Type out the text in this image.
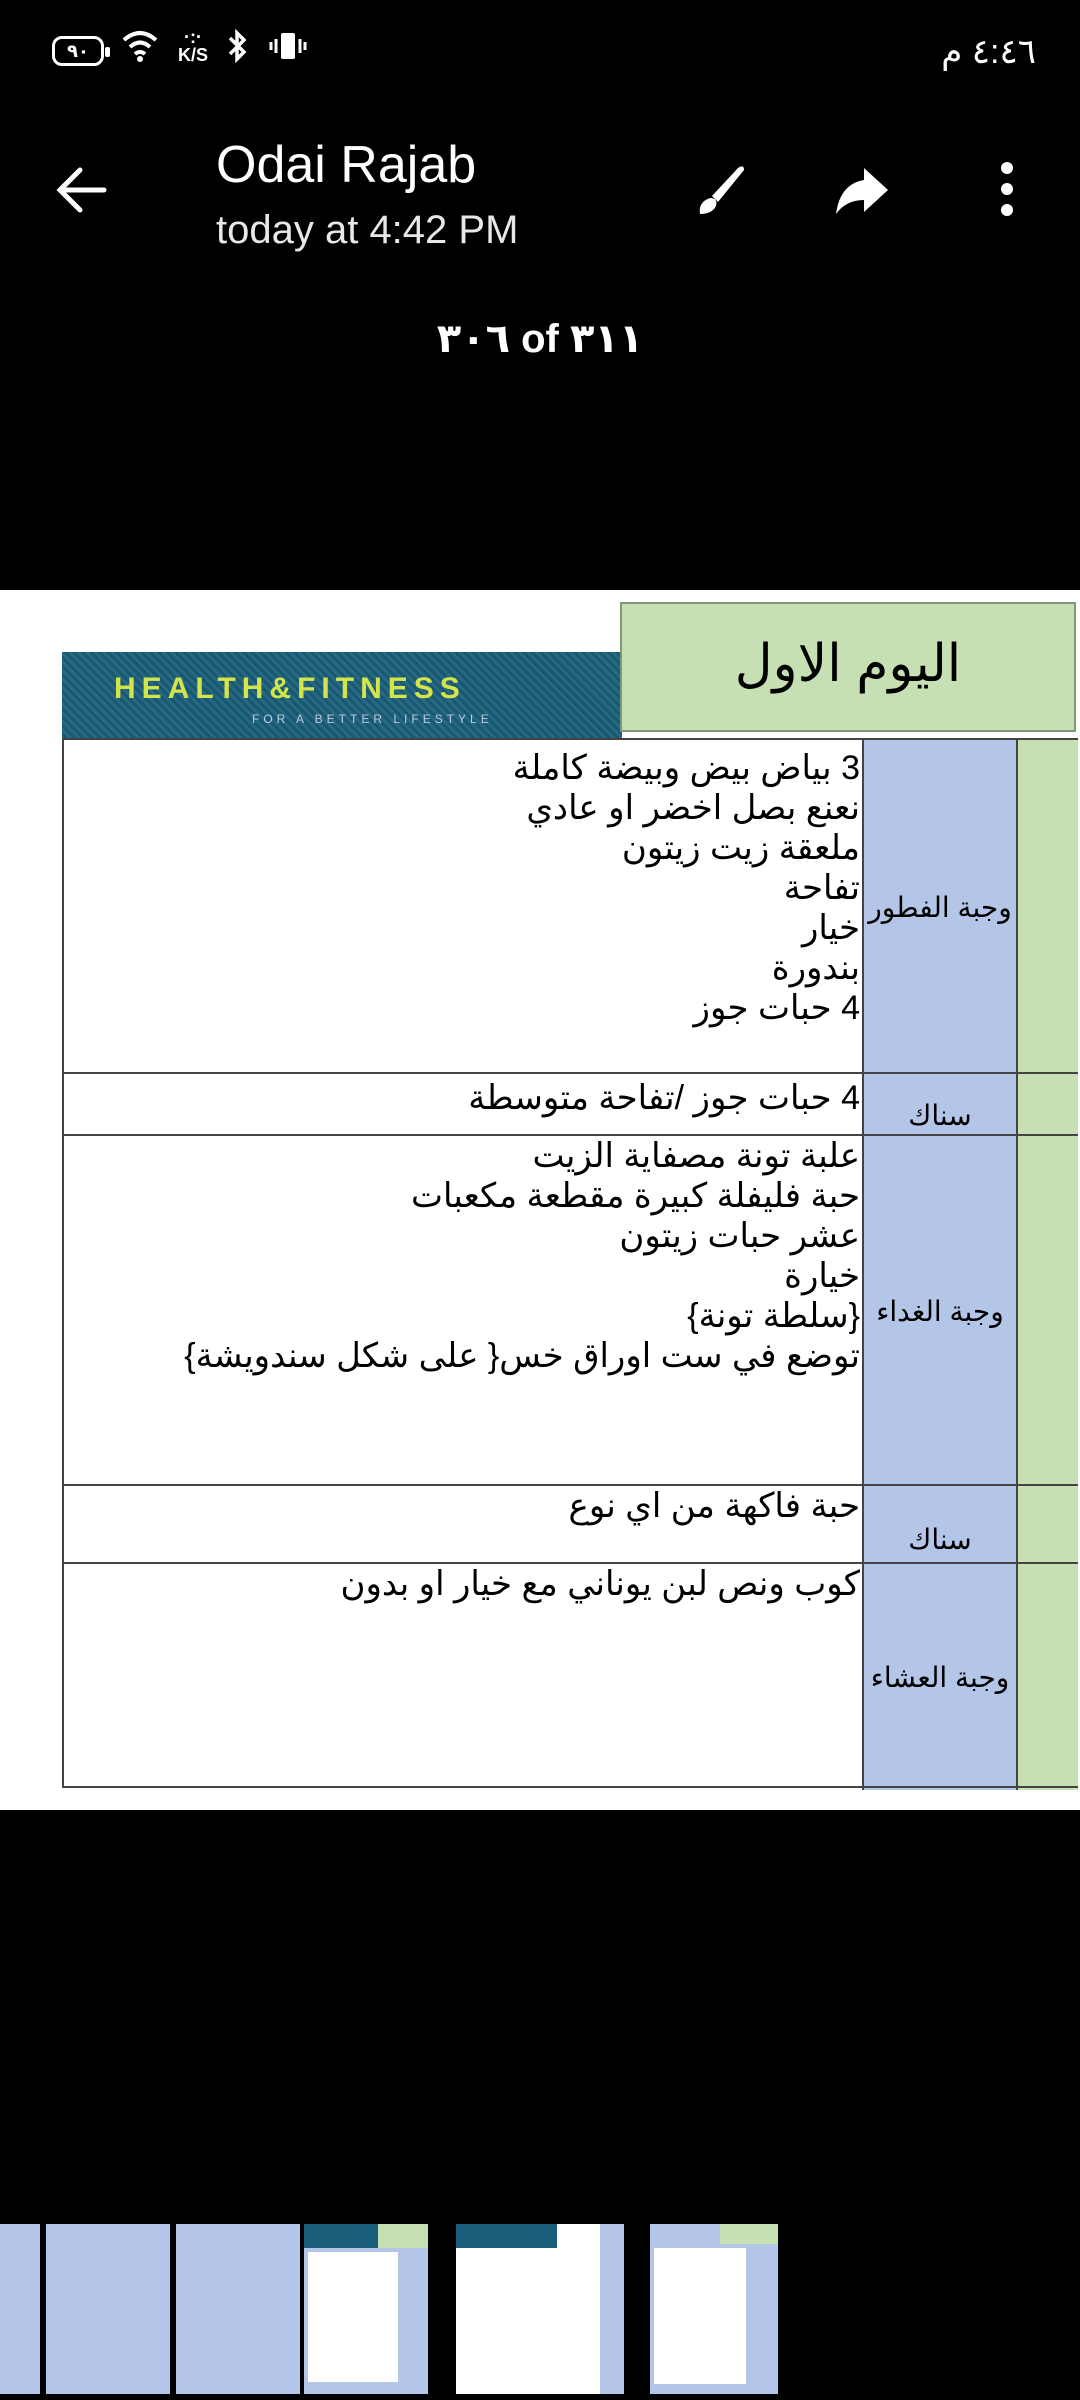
٩٠
·:·
K/S	٤:٤٦ م
Odai Rajab
today at 4:42 PM
٣٠٦ of ٣١١
HEALTH&FITNESS
FOR A BETTER LIFESTYLE
اليوم الاول
وجبة الفطور
3 بياض بيض وبيضة كاملة
نعنع بصل اخضر او عادي
ملعقة زيت زيتون
تفاحة
خيار
بندورة
4 حبات جوز
سناك
4 حبات جوز /تفاحة متوسطة
وجبة الغداء
علبة تونة مصفاية الزيت
حبة فليفلة كبيرة مقطعة مكعبات
عشر حبات زيتون
خيارة
{سلطة تونة}
توضع في ست اوراق خس{ على شكل سندويشة}
سناك
حبة فاكهة من اي نوع
وجبة العشاء
كوب ونص لبن يوناني مع خيار او بدون
